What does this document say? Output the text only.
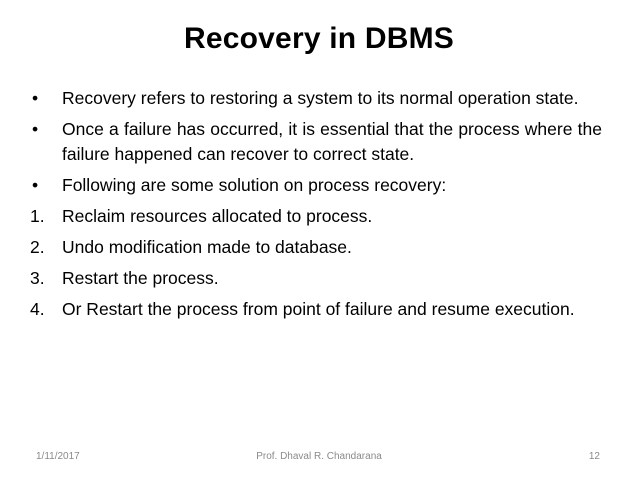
Recovery in DBMS
•	Recovery refers to restoring a system to its normal operation state.
•	Once a failure has occurred, it is essential that the process where the failure happened can recover to correct state.
•	Following are some solution on process recovery:
1. Reclaim resources allocated to process.
2. Undo modification made to database.
3. Restart the process.
4. Or Restart the process from point of failure and resume execution.
Prof. Dhaval R. Chandarana
1/11/2017	12
